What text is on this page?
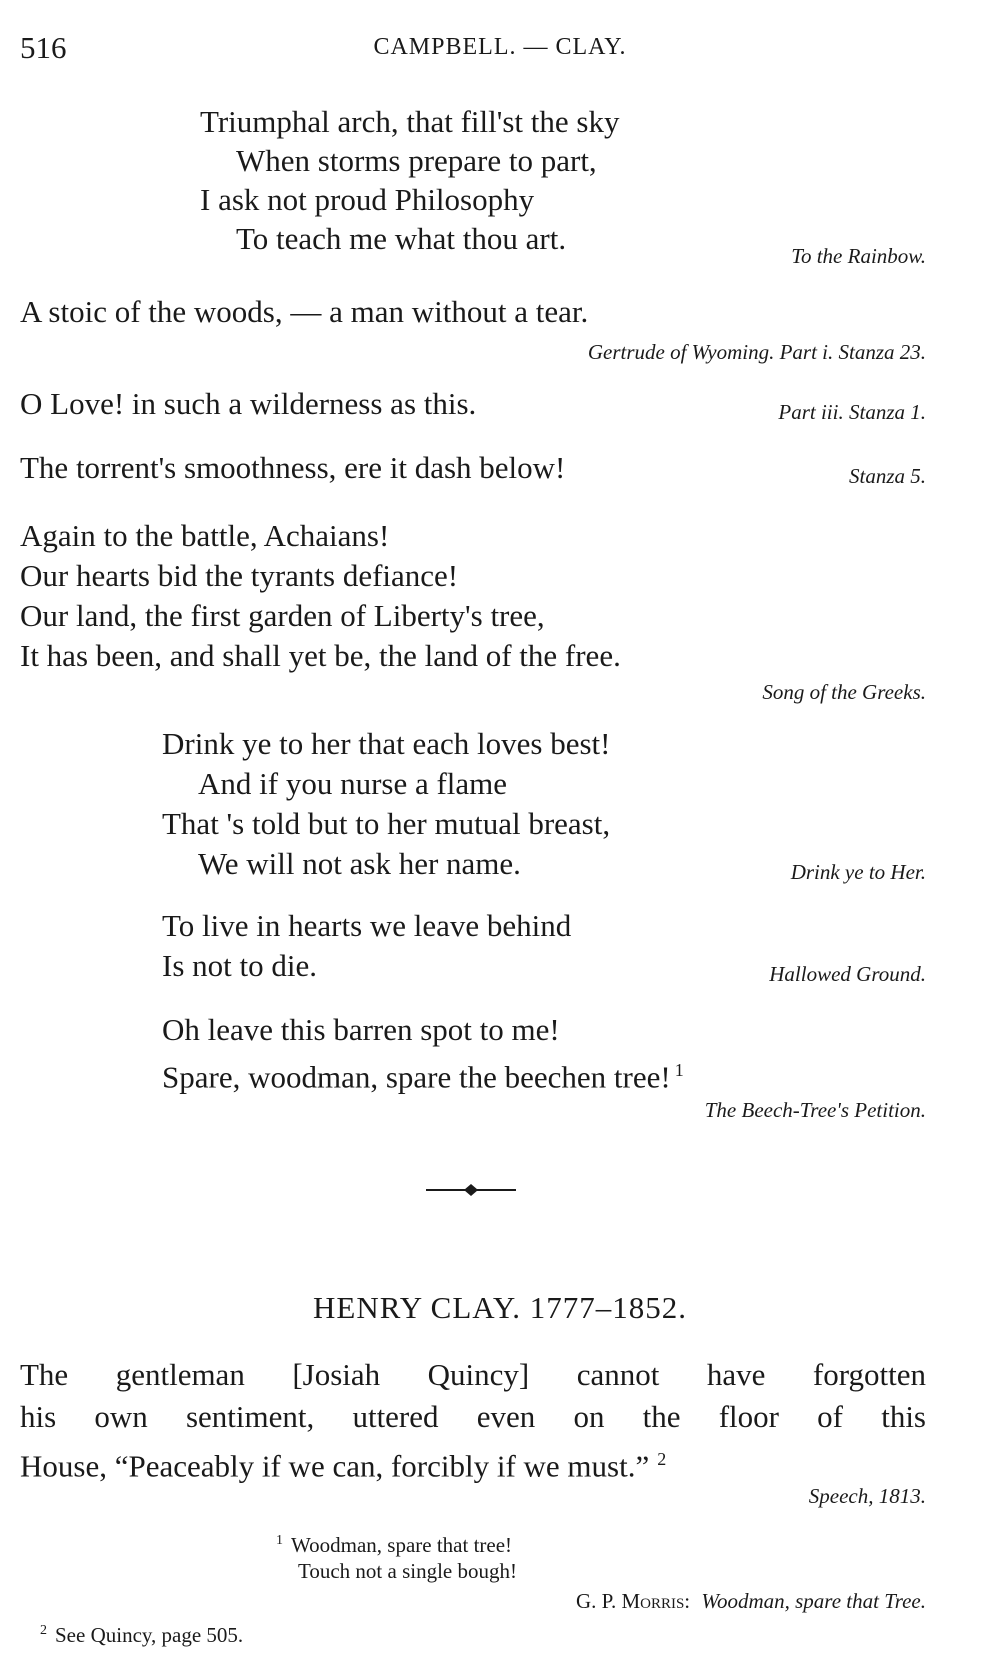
516	CAMPBELL. — CLAY.
Triumphal arch, that fill'st the sky
When storms prepare to part,
I ask not proud Philosophy
To teach me what thou art.	To the Rainbow.
A stoic of the woods, — a man without a tear.
Gertrude of Wyoming. Part i. Stanza 23.
O Love! in such a wilderness as this.	Part iii. Stanza 1.
The torrent's smoothness, ere it dash below!	Stanza 5.
Again to the battle, Achaians!
Our hearts bid the tyrants defiance!
Our land, the first garden of Liberty's tree,
It has been, and shall yet be, the land of the free.
Song of the Greeks.
Drink ye to her that each loves best!
And if you nurse a flame
That 's told but to her mutual breast,
We will not ask her name.	Drink ye to Her.
To live in hearts we leave behind
Is not to die.	Hallowed Ground.
Oh leave this barren spot to me!
Spare, woodman, spare the beechen tree! $^1$
The Beech-Tree's Petition.
HENRY CLAY. 1777–1852.
The gentleman [Josiah Quincy] cannot have forgotten
his own sentiment, uttered even on the floor of this
House, “Peaceably if we can, forcibly if we must.” $^2$
Speech, 1813.
$^1$ Woodman, spare that tree!
Touch not a single bough!
G. P. Morris: Woodman, spare that Tree.
$^2$ See Quincy, page 505.
